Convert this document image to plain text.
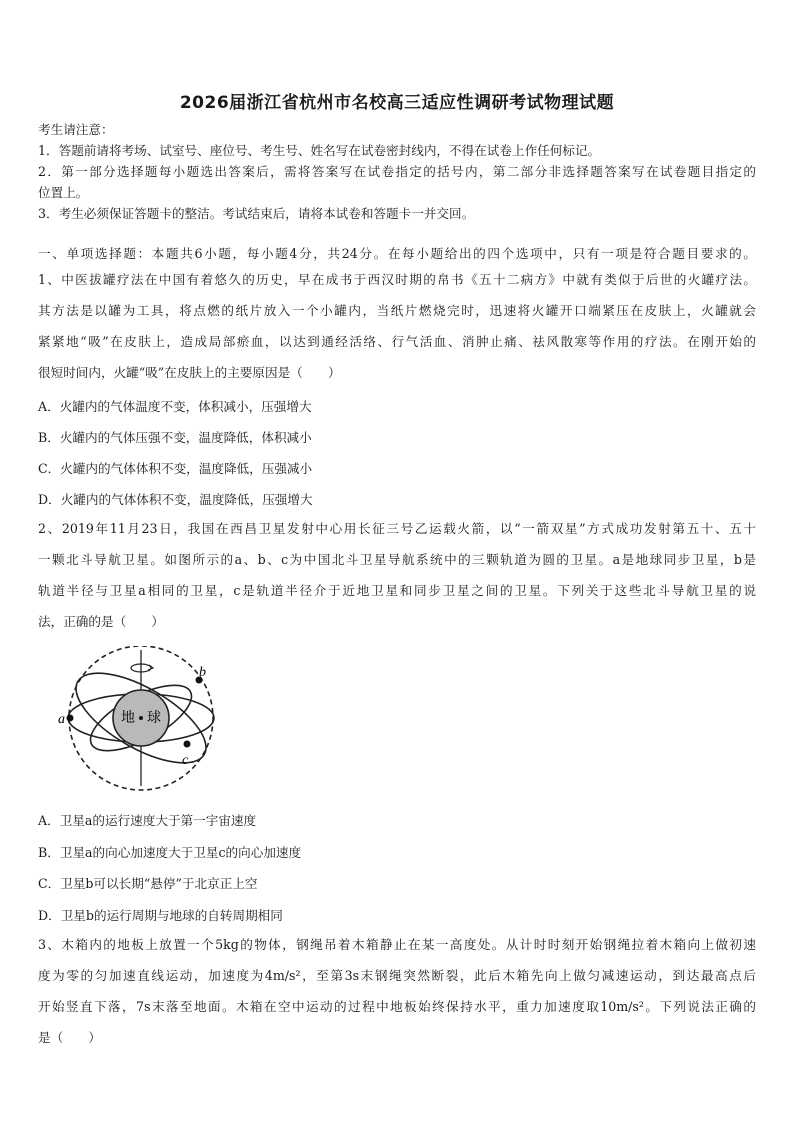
2026届浙江省杭州市名校高三适应性调研考试物理试题
考生请注意：
1．答题前请将考场、试室号、座位号、考生号、姓名写在试卷密封线内，不得在试卷上作任何标记。
2．第一部分选择题每小题选出答案后，需将答案写在试卷指定的括号内，第二部分非选择题答案写在试卷题目指定的
位置上。
3．考生必须保证答题卡的整洁。考试结束后，请将本试卷和答题卡一并交回。
一、单项选择题：本题共6小题，每小题4分，共24分。在每小题给出的四个选项中，只有一项是符合题目要求的。
1、中医拔罐疗法在中国有着悠久的历史，早在成书于西汉时期的帛书《五十二病方》中就有类似于后世的火罐疗法。
其方法是以罐为工具，将点燃的纸片放入一个小罐内，当纸片燃烧完时，迅速将火罐开口端紧压在皮肤上，火罐就会
紧紧地“吸”在皮肤上，造成局部瘀血，以达到通经活络、行气活血、消肿止痛、祛风散寒等作用的疗法。在刚开始的
很短时间内，火罐“吸”在皮肤上的主要原因是（　　）
A．火罐内的气体温度不变，体积减小，压强增大
B．火罐内的气体压强不变，温度降低，体积减小
C．火罐内的气体体积不变，温度降低，压强减小
D．火罐内的气体体积不变，温度降低，压强增大
2、2019年11月23日，我国在西昌卫星发射中心用长征三号乙运载火箭，以“一箭双星”方式成功发射第五十、五十
一颗北斗导航卫星。如图所示的a、b、c为中国北斗卫星导航系统中的三颗轨道为圆的卫星。a是地球同步卫星，b是
轨道半径与卫星a相同的卫星，c是轨道半径介于近地卫星和同步卫星之间的卫星。下列关于这些北斗导航卫星的说
法，正确的是（　　）
地 球
a
b
c
A．卫星a的运行速度大于第一宇宙速度
B．卫星a的向心加速度大于卫星c的向心加速度
C．卫星b可以长期“悬停”于北京正上空
D．卫星b的运行周期与地球的自转周期相同
3、木箱内的地板上放置一个5kg的物体，钢绳吊着木箱静止在某一高度处。从计时时刻开始钢绳拉着木箱向上做初速
度为零的匀加速直线运动，加速度为4m/s²，至第3s末钢绳突然断裂，此后木箱先向上做匀减速运动，到达最高点后
开始竖直下落，7s末落至地面。木箱在空中运动的过程中地板始终保持水平，重力加速度取10m/s²。下列说法正确的
是（　　）
